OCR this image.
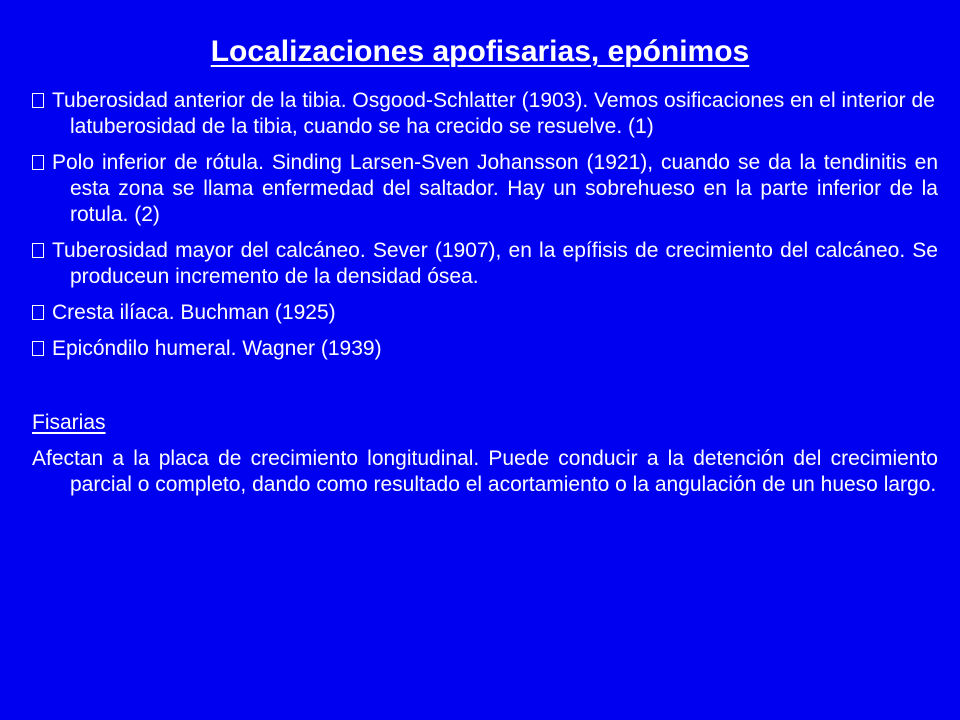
Localizaciones apofisarias, epónimos

Tuberosidad anterior de la tibia. Osgood-Schlatter (1903). Vemos osificaciones en el interior de latuberosidad de la tibia, cuando se ha crecido se resuelve. (1)

Polo inferior de rótula. Sinding Larsen-Sven Johansson (1921), cuando se da la tendinitis en esta zona se llama enfermedad del saltador. Hay un sobrehueso en la parte inferior de la rotula. (2)

Tuberosidad mayor del calcáneo. Sever (1907), en la epífisis de crecimiento del calcáneo. Se produceun incremento de la densidad ósea.

Cresta ilíaca. Buchman (1925)

Epicóndilo humeral. Wagner (1939)

Fisarias

Afectan a la placa de crecimiento longitudinal. Puede conducir a la detención del crecimiento parcial o completo, dando como resultado el acortamiento o la angulación de un hueso largo.
